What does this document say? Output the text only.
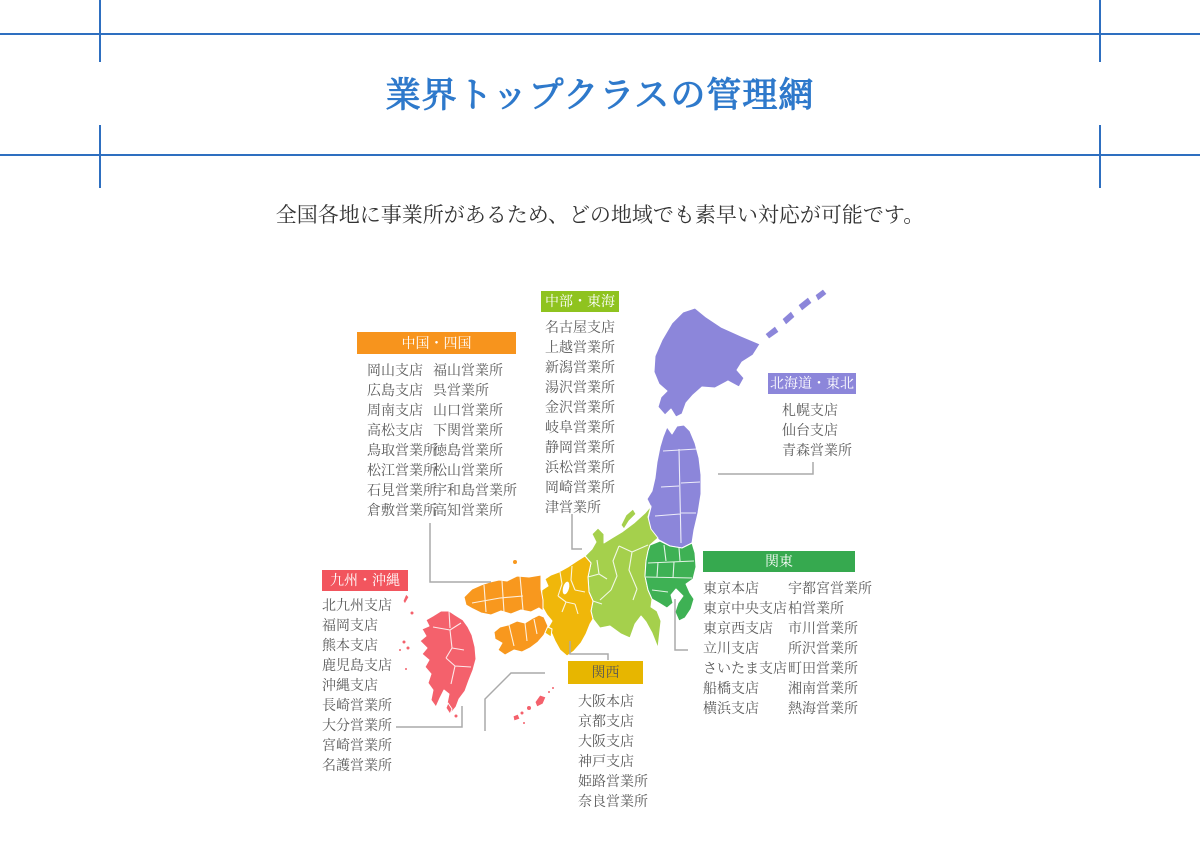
業界トップクラスの管理網
全国各地に事業所があるため、どの地域でも素早い対応が可能です。
中部・東海
名古屋支店
上越営業所
新潟営業所
湯沢営業所
金沢営業所
岐阜営業所
静岡営業所
浜松営業所
岡崎営業所
津営業所
中国・四国
岡山支店
広島支店
周南支店
高松支店
鳥取営業所
松江営業所
石見営業所
倉敷営業所
福山営業所
呉営業所
山口営業所
下関営業所
徳島営業所
松山営業所
宇和島営業所
高知営業所
北海道・東北
札幌支店
仙台支店
青森営業所
関東
東京本店
東京中央支店
東京西支店
立川支店
さいたま支店
船橋支店
横浜支店
宇都宮営業所
柏営業所
市川営業所
所沢営業所
町田営業所
湘南営業所
熱海営業所
九州・沖縄
北九州支店
福岡支店
熊本支店
鹿児島支店
沖縄支店
長崎営業所
大分営業所
宮崎営業所
名護営業所
関西
大阪本店
京都支店
大阪支店
神戸支店
姫路営業所
奈良営業所
